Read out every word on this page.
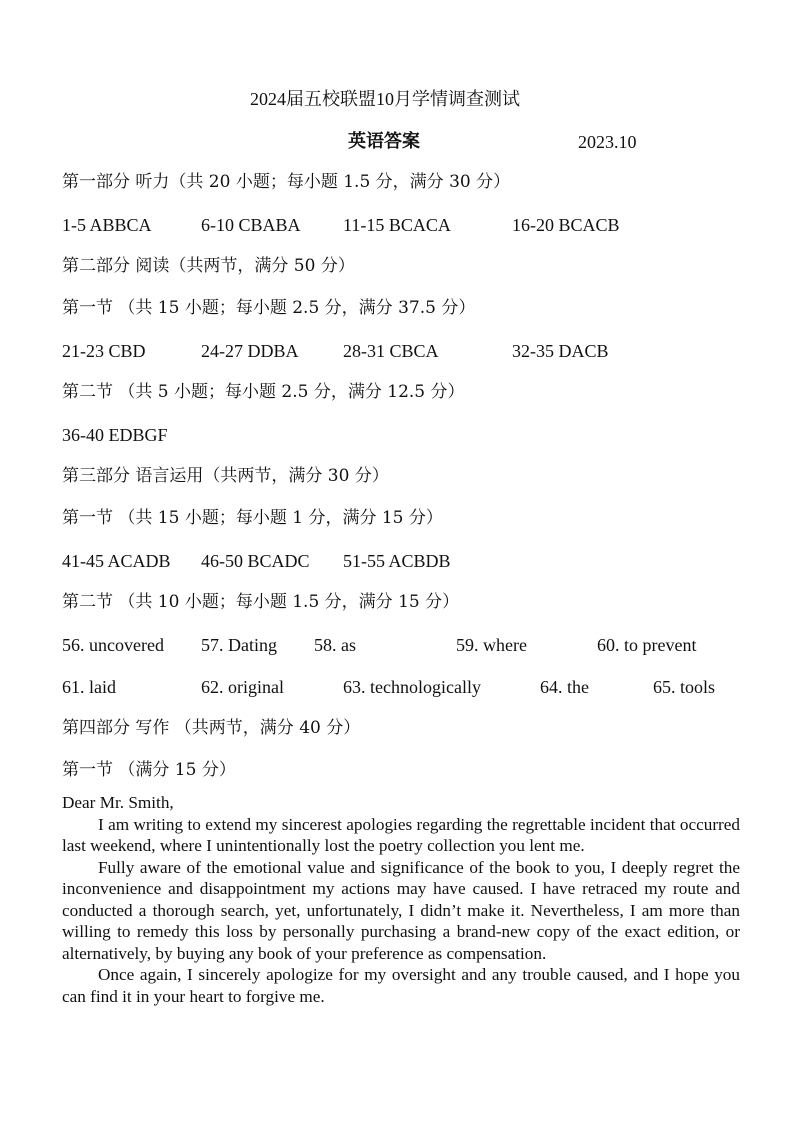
2024届五校联盟10月学情调查测试
英语答案	2023.10
第一部分 听力（共 20 小题；每小题 1.5 分，满分 30 分）
1-5 ABBCA	6-10 CBABA 11-15 BCACA	16-20 BCACB
第二部分 阅读（共两节，满分 50 分）
第一节 （共 15 小题；每小题 2.5 分，满分 37.5 分）
21-23 CBD	24-27 DDBA 28-31 CBCA	32-35 DACB
第二节 （共 5 小题；每小题 2.5 分，满分 12.5 分）
36-40 EDBGF
第三部分 语言运用（共两节，满分 30 分）
第一节 （共 15 小题；每小题 1 分，满分 15 分）
41-45 ACADB 46-50 BCADC 51-55 ACBDB
第二节 （共 10 小题；每小题 1.5 分，满分 15 分）
56. uncovered 57. Dating 58. as	59. where	60. to prevent
61. laid	62. original	63. technologically	64. the	65. tools
第四部分 写作 （共两节，满分 40 分）
第一节 （满分 15 分）

Dear Mr. Smith,

I am writing to extend my sincerest apologies regarding the regrettable incident that occurred last weekend, where I unintentionally lost the poetry collection you lent me.

Fully aware of the emotional value and significance of the book to you, I deeply regret the inconvenience and disappointment my actions may have caused. I have retraced my route and conducted a thorough search, yet, unfortunately, I didn’t make it. Nevertheless, I am more than willing to remedy this loss by personally purchasing a brand-new copy of the exact edition, or alternatively, by buying any book of your preference as compensation.

Once again, I sincerely apologize for my oversight and any trouble caused, and I hope you can find it in your heart to forgive me.
